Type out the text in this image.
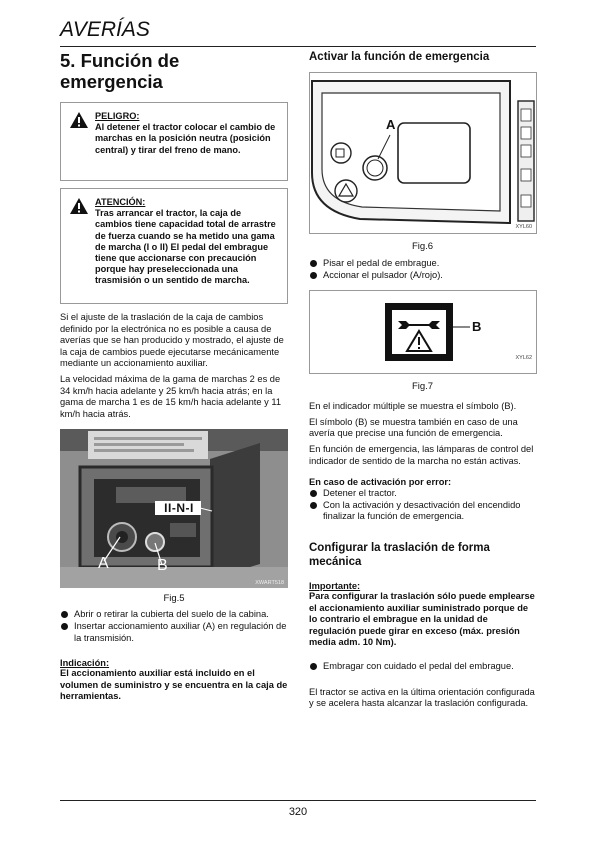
AVERÍAS
320
5. Función de
emergencia
PELIGRO:
Al detener el tractor colocar el cambio de marchas en la posición neutra (posición central) y tirar del freno de mano.
ATENCIÓN:
Tras arrancar el tractor, la caja de cambios tiene capacidad total de arrastre de fuerza cuando se ha metido una gama de marcha (I o II) El pedal del embrague tiene que accionarse con precaución porque hay preseleccionada una trasmisión o un sentido de marcha.

Si el ajuste de la traslación de la caja de cambios definido por la electrónica no es posible a causa de averías que se han producido y mostrado, el ajuste de la caja de cambios puede ejecutarse mecánicamente mediante un accionamiento auxiliar.

La velocidad máxima de la gama de marchas 2 es de 34 km/h hacia adelante y 25 km/h hacia atrás; en la gama de marcha 1 es de 15 km/h hacia adelante y 11 km/h hacia atrás.

II-N-I
A	B
XWART518
Fig.5
Abrir o retirar la cubierta del suelo de la cabina.
Insertar accionamiento auxiliar (A) en regulación de la transmisión.
Indicación:
El accionamiento auxiliar está incluido en el volumen de suministro y se encuentra en la caja de herramientas.
Activar la función de emergencia
A
XYL60
Fig.6
Pisar el pedal de embrague.
Accionar el pulsador (A/rojo).
B
XYL62
Fig.7

En el indicador múltiple se muestra el símbolo (B).

El símbolo (B) se muestra también en caso de una avería que precise una función de emergencia.

En función de emergencia, las lámparas de control del indicador de sentido de la marcha no están activas.

En caso de activación por error:
Detener el tractor.
Con la activación y desactivación del encendido finalizar la función de emergencia.
Configurar la traslación de forma mecánica
Importante:
Para configurar la traslación sólo puede emplearse el accionamiento auxiliar suministrado porque de lo contrario el embrague en la unidad de regulación puede girar en exceso (máx. presión media adm. 10 Nm).
Embragar con cuidado el pedal del embrague.

El tractor se activa en la última orientación configurada y se acelera hasta alcanzar la traslación configurada.
